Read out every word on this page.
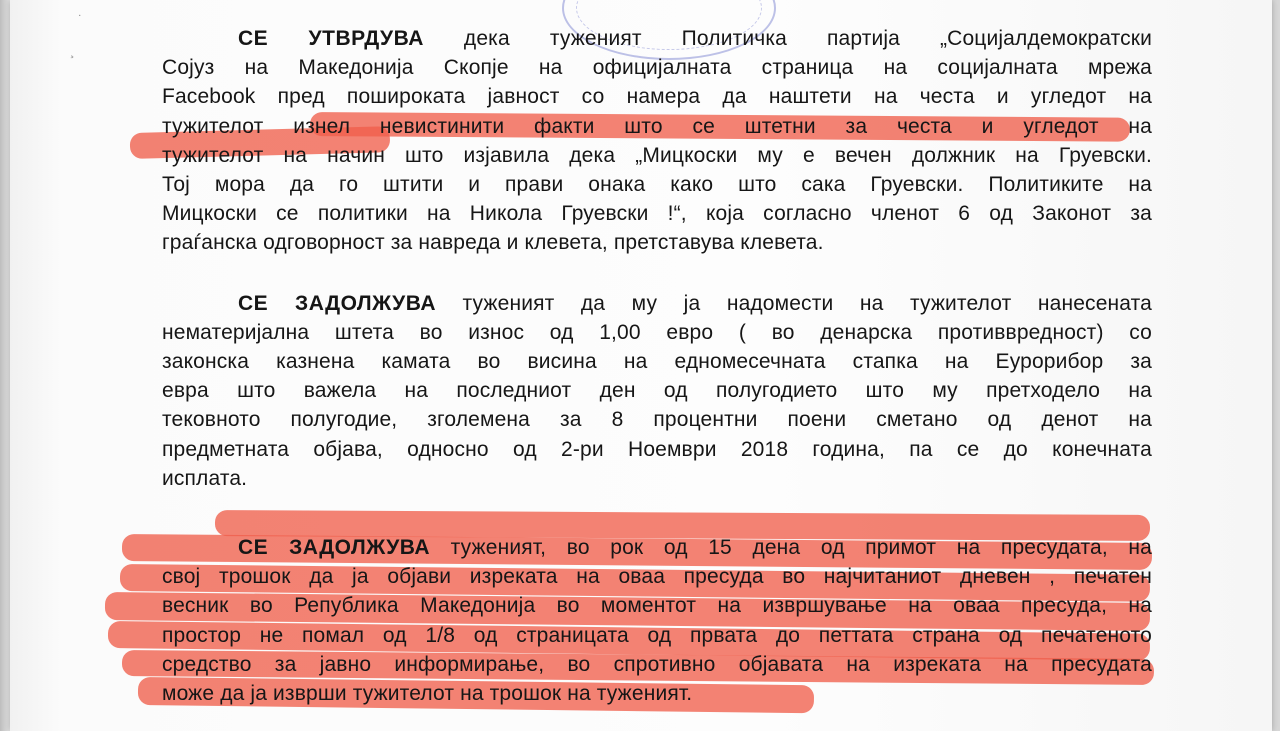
˙
¸	СЕ УТВРДУВА дека туженият Политичка партија „Социјалдемократски

Сојуз на Македонија Скопје на официјалната страница на социјалната мрежа

Facebook пред пошироката јавност со намера да наштети на честа и угледот на

тужителот изнел невистинити факти што се штетни за честа и угледот на

тужителот на начин што изјавила дека „Мицкоски му е вечен должник на Груевски.

Тој мора да го штити и прави онака како што сака Груевски. Политиките на

Мицкоски се политики на Никола Груевски !“, која согласно членот 6 од Законот за

граѓанска одговорност за навреда и клевета, претставува клевета.

СЕ ЗАДОЛЖУВА туженият да му ја надомести на тужителот нанесената

нематеријална штета во износ од 1,00 евро ( во денарска противвредност) со

законска казнена камата во висина на едномесечната стапка на Еурорибор за

евра што важела на последниот ден од полугодието што му претходело на

тековното полугодие, зголемена за 8 процентни поени сметано од денот на

предметната објава, односно од 2-ри Ноември 2018 година, па се до конечната

исплата.

СЕ ЗАДОЛЖУВА туженият, во рок од 15 дена од примот на пресудата, на

свој трошок да ја објави изреката на оваа пресуда во најчитаниот дневен , печатен

весник во Република Македонија во моментот на извршување на оваа пресуда, на

простор не помал од 1/8 од страницата од првата до петтата страна од печатеното

средство за јавно информирање, во спротивно објавата на изреката на пресудата

може да ја изврши тужителот на трошок на туженият.
